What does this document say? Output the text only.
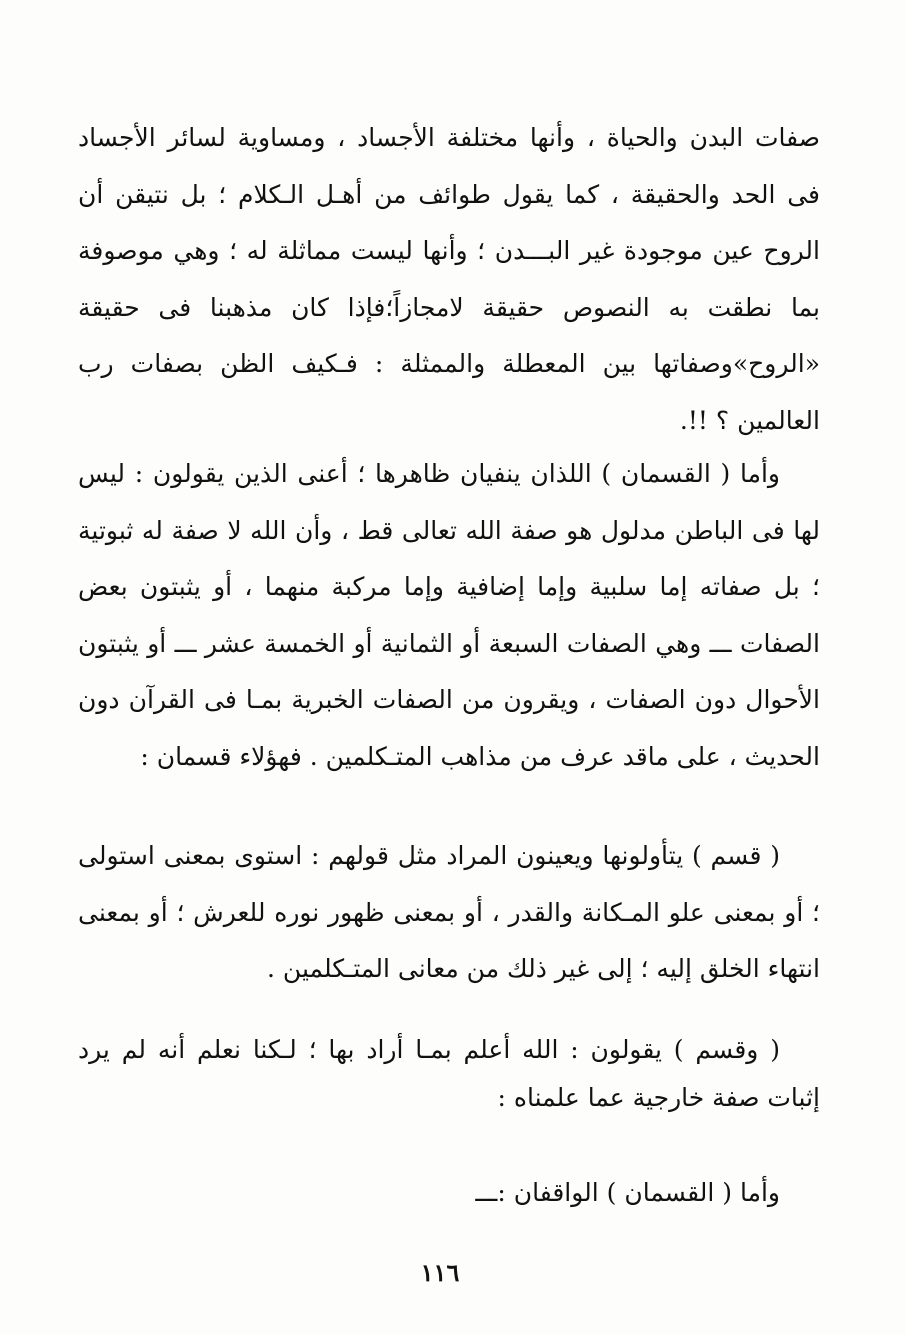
صفات البدن والحياة ، وأنها مختلفة الأجساد ، ومساوية لسائر الأجساد فى الحد والحقيقة ، كما يقول طوائف من أهـل الـكلام ؛ بل نتيقن أن الروح عين موجودة غير البـــدن ؛ وأنها ليست مماثلة له ؛ وهي موصوفة بما نطقت به النصوص حقيقة لامجازاً؛فإذا كان مذهبنا فى حقيقة «الروح»وصفاتها بين المعطلة والممثلة : فـكيف الظن بصفات رب العالمين ؟ !!.

وأما ( القسمان ) اللذان ينفيان ظاهرها ؛ أعنى الذين يقولون : ليس لها فى الباطن مدلول هو صفة الله تعالى قط ، وأن الله لا صفة له ثبوتية ؛ بل صفاته إما سلبية وإما إضافية وإما مركبة منهما ، أو يثبتون بعض الصفات ـــ وهي الصفات السبعة أو الثمانية أو الخمسة عشر ـــ أو يثبتون الأحوال دون الصفات ، ويقرون من الصفات الخبرية بمـا فى القرآن دون الحديث ، على ماقد عرف من مذاهب المتـكلمين . فهؤلاء قسمان :

( قسم ) يتأولونها ويعينون المراد مثل قولهم : استوى بمعنى استولى ؛ أو بمعنى علو المـكانة والقدر ، أو بمعنى ظهور نوره للعرش ؛ أو بمعنى انتهاء الخلق إليه ؛ إلى غير ذلك من معانى المتـكلمين .

( وقسم ) يقولون : الله أعلم بمـا أراد بها ؛ لـكنا نعلم أنه لم يرد إثبات صفة خارجية عما علمناه :

وأما ( القسمان ) الواقفان :ـــ

١١٦
